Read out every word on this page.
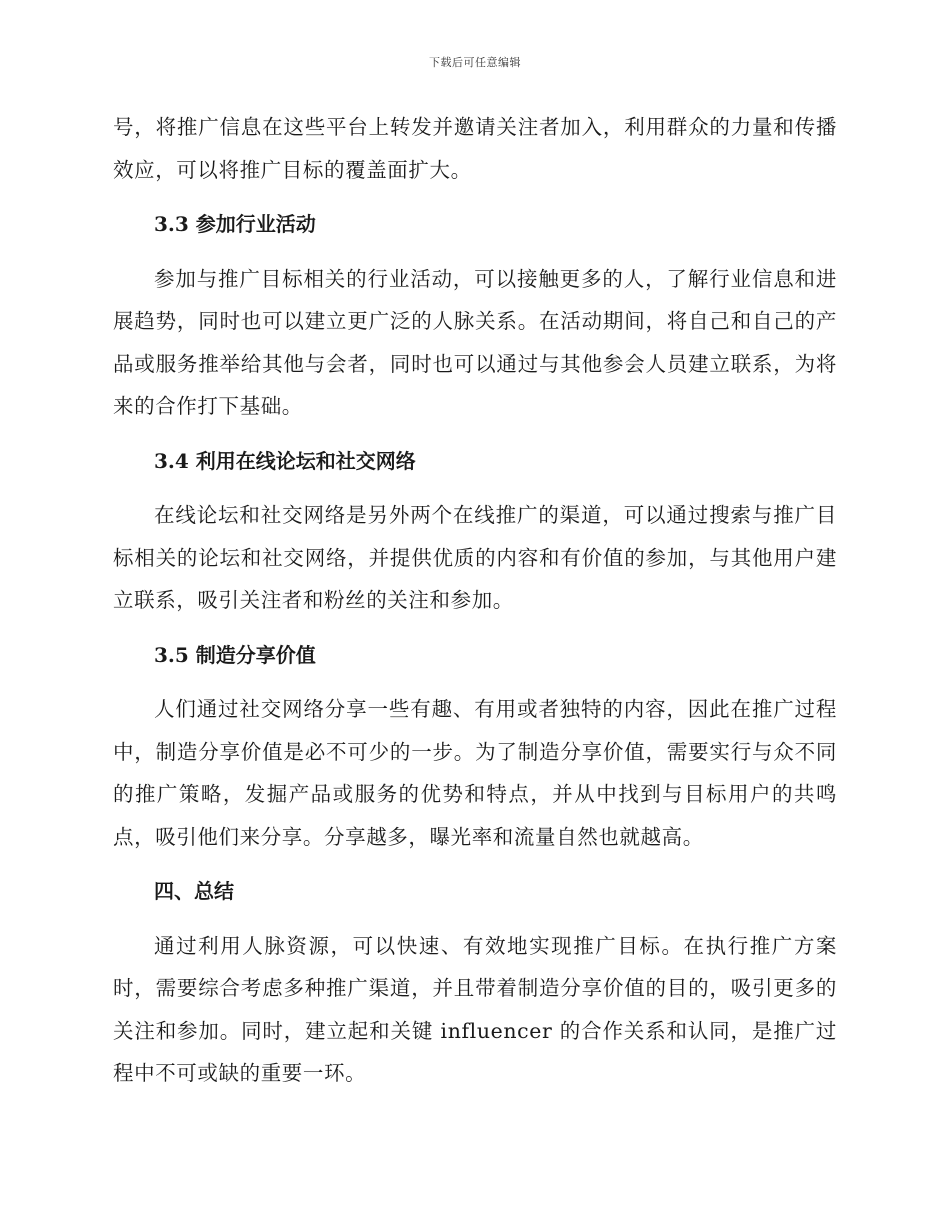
下载后可任意编辑

号，将推广信息在这些平台上转发并邀请关注者加入，利用群众的力量和传播效应，可以将推广目标的覆盖面扩大。

3.3 参加行业活动

参加与推广目标相关的行业活动，可以接触更多的人，了解行业信息和进展趋势，同时也可以建立更广泛的人脉关系。在活动期间，将自己和自己的产品或服务推举给其他与会者，同时也可以通过与其他参会人员建立联系，为将来的合作打下基础。

3.4 利用在线论坛和社交网络

在线论坛和社交网络是另外两个在线推广的渠道，可以通过搜索与推广目标相关的论坛和社交网络，并提供优质的内容和有价值的参加，与其他用户建立联系，吸引关注者和粉丝的关注和参加。

3.5 制造分享价值

人们通过社交网络分享一些有趣、有用或者独特的内容，因此在推广过程中，制造分享价值是必不可少的一步。为了制造分享价值，需要实行与众不同的推广策略，发掘产品或服务的优势和特点，并从中找到与目标用户的共鸣点，吸引他们来分享。分享越多，曝光率和流量自然也就越高。

四、总结

通过利用人脉资源，可以快速、有效地实现推广目标。在执行推广方案时，需要综合考虑多种推广渠道，并且带着制造分享价值的目的，吸引更多的关注和参加。同时，建立起和关键 influencer 的合作关系和认同，是推广过程中不可或缺的重要一环。
